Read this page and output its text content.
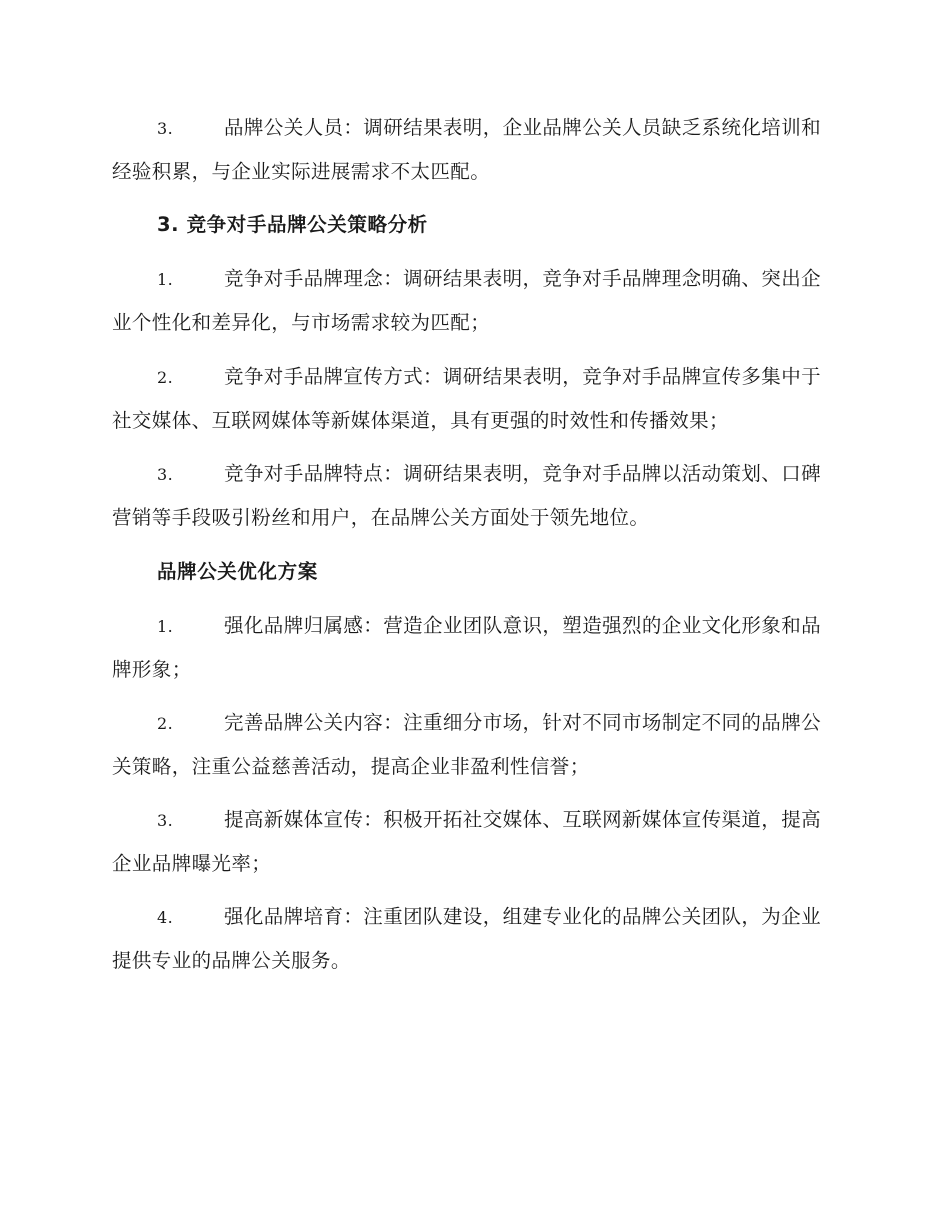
3.	品牌公关人员：调研结果表明，企业品牌公关人员缺乏系统化培训和经验积累，与企业实际进展需求不太匹配。

3. 竞争对手品牌公关策略分析

1.	竞争对手品牌理念：调研结果表明，竞争对手品牌理念明确、突出企业个性化和差异化，与市场需求较为匹配；

2.	竞争对手品牌宣传方式：调研结果表明，竞争对手品牌宣传多集中于社交媒体、互联网媒体等新媒体渠道，具有更强的时效性和传播效果；

3.	竞争对手品牌特点：调研结果表明，竞争对手品牌以活动策划、口碑营销等手段吸引粉丝和用户，在品牌公关方面处于领先地位。

品牌公关优化方案

1.	强化品牌归属感：营造企业团队意识，塑造强烈的企业文化形象和品牌形象；

2.	完善品牌公关内容：注重细分市场，针对不同市场制定不同的品牌公关策略，注重公益慈善活动，提高企业非盈利性信誉；

3.	提高新媒体宣传：积极开拓社交媒体、互联网新媒体宣传渠道，提高企业品牌曝光率；

4.	强化品牌培育：注重团队建设，组建专业化的品牌公关团队，为企业提供专业的品牌公关服务。
